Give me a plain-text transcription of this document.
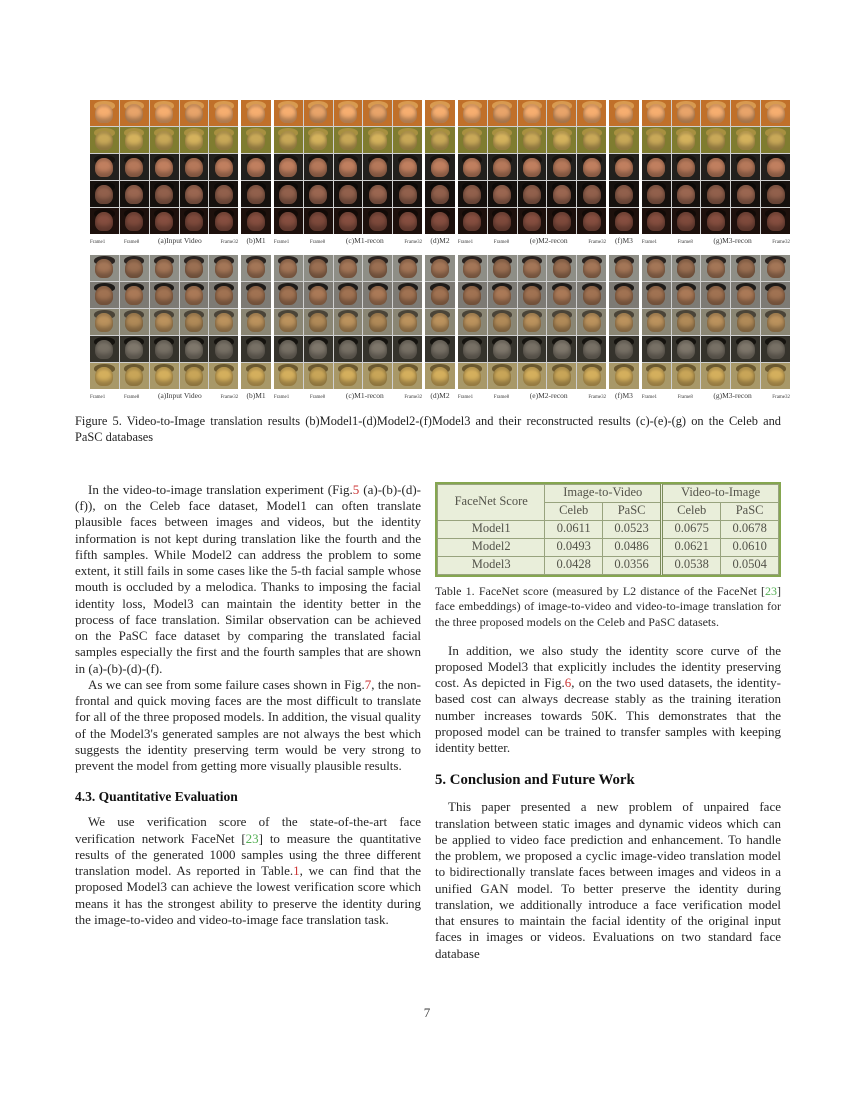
Frame1	Frame8 (a)Input Video	Frame32 (b)M1 Frame1	Frame8	(c)M1-recon	Frame32 (d)M2 Frame1	Frame8	(e)M2-recon	Frame32 (f)M3 Frame1	Frame8	(g)M3-recon	Frame32
Frame1	Frame8 (a)Input Video	Frame32 (b)M1 Frame1	Frame8	(c)M1-recon	Frame32 (d)M2 Frame1	Frame8	(e)M2-recon	Frame32 (f)M3 Frame1	Frame8	(g)M3-recon	Frame32
Figure 5. Video-to-Image translation results (b)Model1-(d)Model2-(f)Model3 and their reconstructed results (c)-(e)-(g) on the Celeb and PaSC databases

In the video-to-image translation experiment (Fig.5 (a)-(b)-(d)-(f)), on the Celeb face dataset, Model1 can often translate plausible faces between images and videos, but the identity information is not kept during translation like the fourth and the fifth samples. While Model2 can address the problem to some extent, it still fails in some cases like the 5-th facial sample whose mouth is occluded by a melodica. Thanks to imposing the facial identity loss, Model3 can maintain the identity better in the process of face translation. Similar observation can be achieved on the PaSC face dataset by comparing the translated facial samples especially the first and the fourth samples that are shown in (a)-(b)-(d)-(f).

As we can see from some failure cases shown in Fig.7, the non-frontal and quick moving faces are the most difficult to translate for all of the three proposed models. In addition, the visual quality of the Model3's generated samples are not always the best which suggests the identity preserving term would be very strong to prevent the model from getting more visually plausible results.

4.3. Quantitative Evaluation

We use verification score of the state-of-the-art face verification network FaceNet [23] to measure the quantitative results of the generated 1000 samples using the three different translation model. As reported in Table.1, we can find that the proposed Model3 can achieve the lowest verification score which means it has the strongest ability to preserve the identity during the image-to-video and video-to-image face translation task.

FaceNet Score	Image-to-Video		Video-to-Image	
	Celeb	PaSC	Celeb	PaSC
Model1	0.0611	0.0523	0.0675	0.0678
Model2	0.0493	0.0486	0.0621	0.0610
Model3	0.0428	0.0356	0.0538	0.0504
Table 1. FaceNet score (measured by L2 distance of the FaceNet [23] face embeddings) of image-to-video and video-to-image translation for the three proposed models on the Celeb and PaSC datasets.

In addition, we also study the identity score curve of the proposed Model3 that explicitly includes the identity preserving cost. As depicted in Fig.6, on the two used datasets, the identity-based cost can always decrease stably as the training iteration number increases towards 50K. This demonstrates that the proposed model can be trained to transfer samples with keeping identity better.

5. Conclusion and Future Work

This paper presented a new problem of unpaired face translation between static images and dynamic videos which can be applied to video face prediction and enhancement. To handle the problem, we proposed a cyclic image-video translation model to bidirectionally translate faces between images and videos in a unified GAN model. To better preserve the identity during translation, we additionally introduce a face verification model that ensures to maintain the facial identity of the original input faces in images or videos. Evaluations on two standard face database

7
